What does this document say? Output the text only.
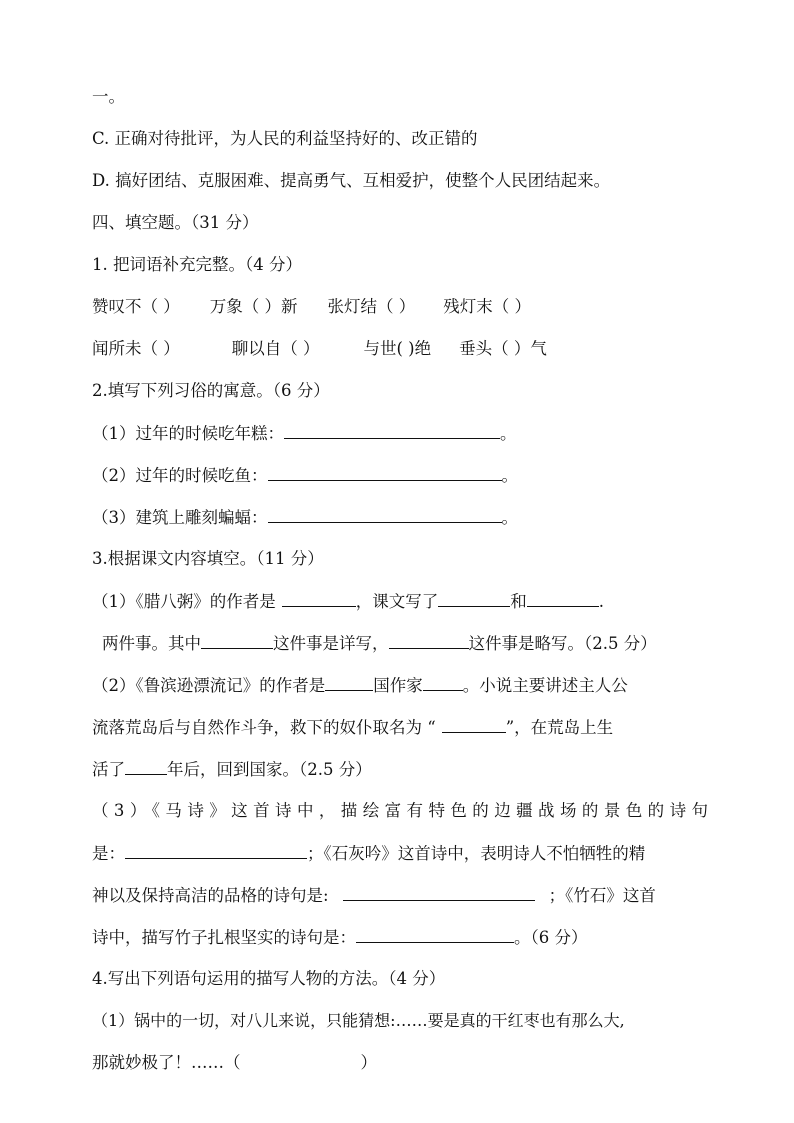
一。
C. 正确对待批评，为人民的利益坚持好的、改正错的
D. 搞好团结、克服困难、提高勇气、互相爱护，使整个人民团结起来。
四、填空题。（31 分）
1. 把词语补充完整。（4 分）
赞叹不（ ） 万象（ ）新 张灯结（ ） 残灯末（ ）
闻所未（ ）	聊以自（ ）	与世( )绝 垂头（ ）气
2.填写下列习俗的寓意。（6 分）
（1）过年的时候吃年糕：	。
（2）过年的时候吃鱼：	。
（3）建筑上雕刻蝙蝠：	。
3.根据课文内容填空。（11 分）
（1）《腊八粥》的作者是	，课文写了	和	.
两件事。其中	这件事是详写，	这件事是略写。（2.5 分）
（2）《鲁滨逊漂流记》的作者是	国作家 。小说主要讲述主人公
流落荒岛后与自然作斗争，救下的奴仆取名为 “	”，在荒岛上生
活了	年后，回到国家。（2.5 分）
（3）《马诗》这首诗中，描绘富有特色的边疆战场的景色的诗句
是：	；《石灰吟》这首诗中，表明诗人不怕牺牲的精
神以及保持高洁的品格的诗句是:	；《竹石》这首
诗中，描写竹子扎根坚实的诗句是：	。（6 分）
4.写出下列语句运用的描写人物的方法。（4 分）
（1）锅中的一切，对八儿来说，只能猜想:……要是真的干红枣也有那么大,
那就妙极了！……（	）
